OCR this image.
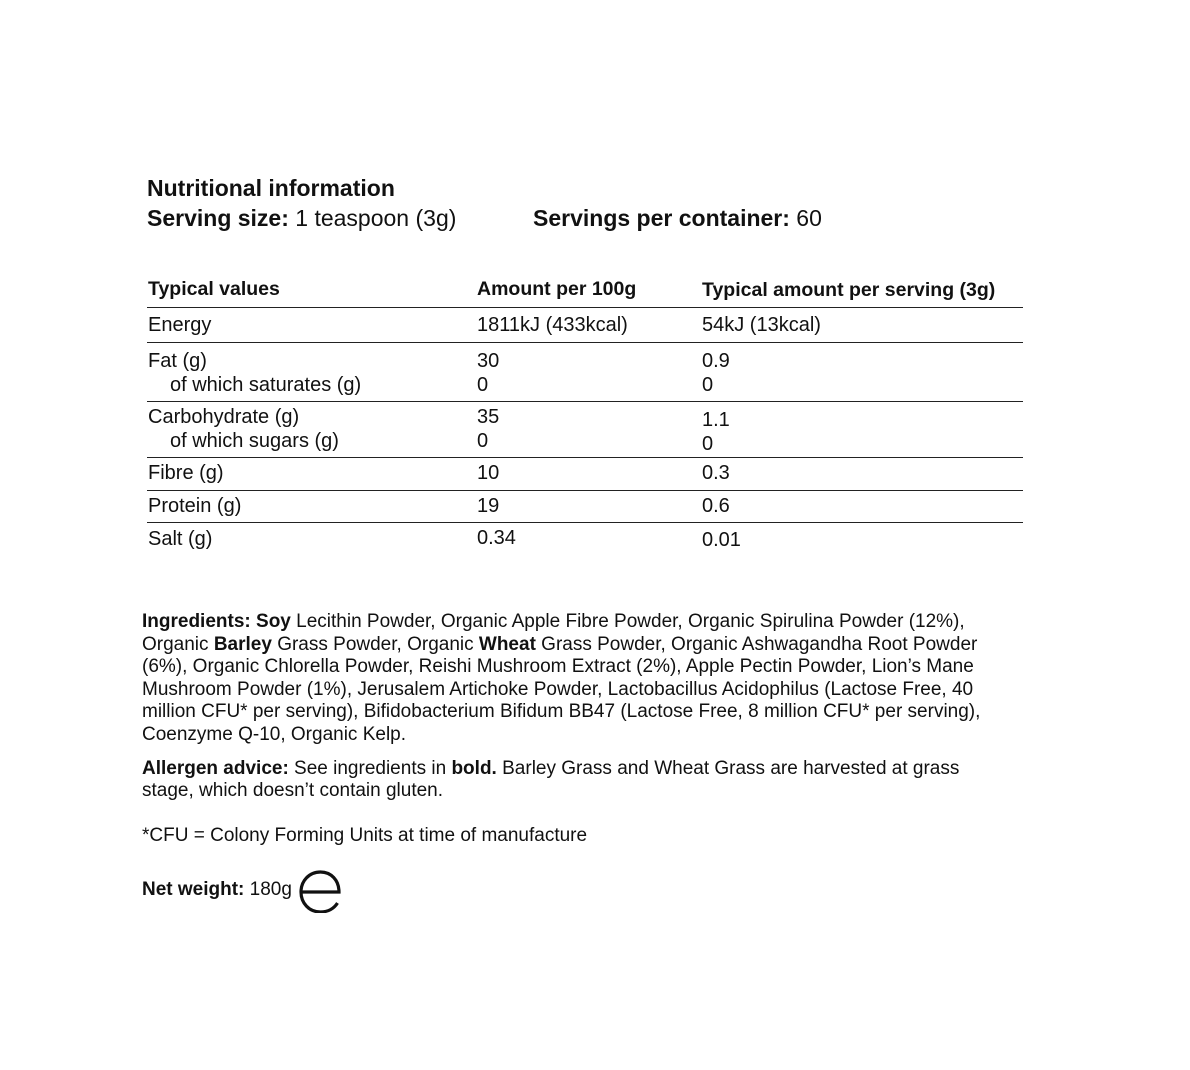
Nutritional information
Serving size: 1 teaspoon (3g)	Servings per container: 60
Typical values	Amount per 100g	Typical amount per serving (3g)
Energy	1811kJ (433kcal)	54kJ (13kcal)
Fat (g)	30	0.9
of which saturates (g)	0	0
Carbohydrate (g)	35	1.1
of which sugars (g)	0	0
Fibre (g)	10	0.3
Protein (g)	19	0.6
Salt (g)	0.34	0.01

Ingredients: Soy Lecithin Powder, Organic Apple Fibre Powder, Organic Spirulina Powder (12%), Organic Barley Grass Powder, Organic Wheat Grass Powder, Organic Ashwagandha Root Powder (6%), Organic Chlorella Powder, Reishi Mushroom Extract (2%), Apple Pectin Powder, Lion’s Mane Mushroom Powder (1%), Jerusalem Artichoke Powder, Lactobacillus Acidophilus (Lactose Free, 40 million CFU* per serving), Bifidobacterium Bifidum BB47 (Lactose Free, 8 million CFU* per serving), Coenzyme Q-10, Organic Kelp.

Allergen advice: See ingredients in bold. Barley Grass and Wheat Grass are harvested at grass stage, which doesn’t contain gluten.

*CFU = Colony Forming Units at time of manufacture

Net weight: 180g
